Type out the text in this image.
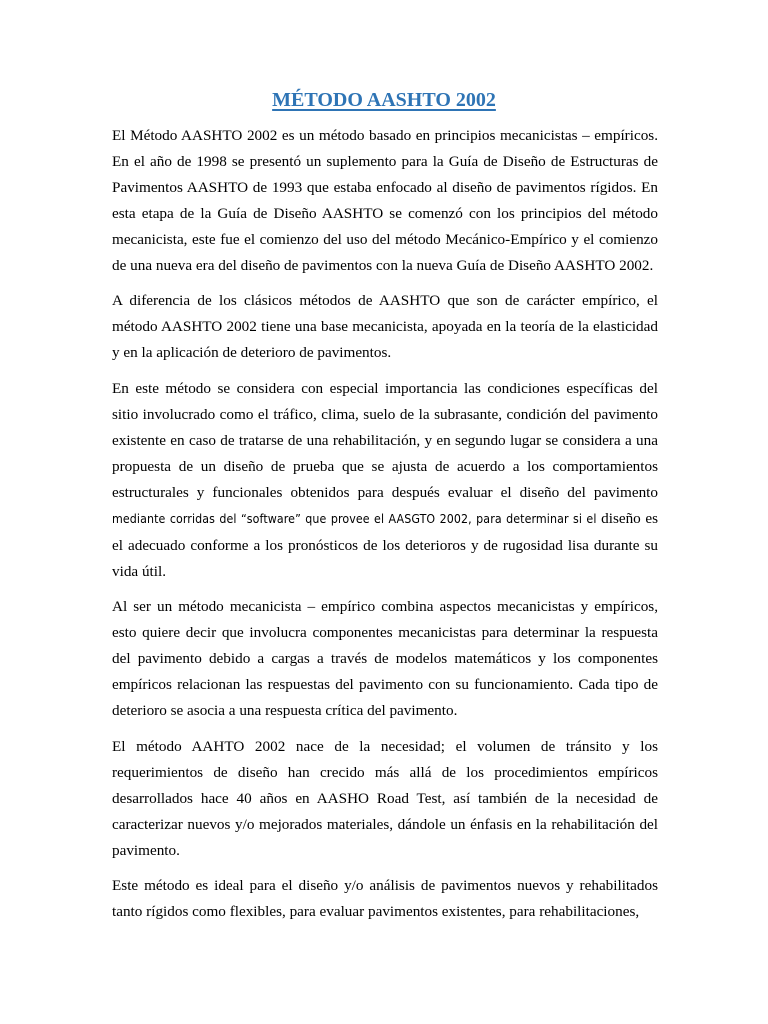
MÉTODO AASHTO 2002

El Método AASHTO 2002 es un método basado en principios mecanicistas – empíricos. En el año de 1998 se presentó un suplemento para la Guía de Diseño de Estructuras de Pavimentos AASHTO de 1993 que estaba enfocado al diseño de pavimentos rígidos. En esta etapa de la Guía de Diseño AASHTO se comenzó con los principios del método mecanicista, este fue el comienzo del uso del método Mecánico-Empírico y el comienzo de una nueva era del diseño de pavimentos con la nueva Guía de Diseño AASHTO 2002.

A diferencia de los clásicos métodos de AASHTO que son de carácter empírico, el método AASHTO 2002 tiene una base mecanicista, apoyada en la teoría de la elasticidad y en la aplicación de deterioro de pavimentos.

En este método se considera con especial importancia las condiciones específicas del sitio involucrado como el tráfico, clima, suelo de la subrasante, condición del pavimento existente en caso de tratarse de una rehabilitación, y en segundo lugar se considera a una propuesta de un diseño de prueba que se ajusta de acuerdo a los comportamientos estructurales y funcionales obtenidos para después evaluar el diseño del pavimento mediante corridas del “software” que provee el AASGTO 2002, para determinar si el diseño es el adecuado conforme a los pronósticos de los deterioros y de rugosidad lisa durante su vida útil.

Al ser un método mecanicista – empírico combina aspectos mecanicistas y empíricos, esto quiere decir que involucra componentes mecanicistas para determinar la respuesta del pavimento debido a cargas a través de modelos matemáticos y los componentes empíricos relacionan las respuestas del pavimento con su funcionamiento. Cada tipo de deterioro se asocia a una respuesta crítica del pavimento.

El método AAHTO 2002 nace de la necesidad; el volumen de tránsito y los requerimientos de diseño han crecido más allá de los procedimientos empíricos desarrollados hace 40 años en AASHO Road Test, así también de la necesidad de caracterizar nuevos y/o mejorados materiales, dándole un énfasis en la rehabilitación del pavimento.

Este método es ideal para el diseño y/o análisis de pavimentos nuevos y rehabilitados tanto rígidos como flexibles, para evaluar pavimentos existentes, para rehabilitaciones,
